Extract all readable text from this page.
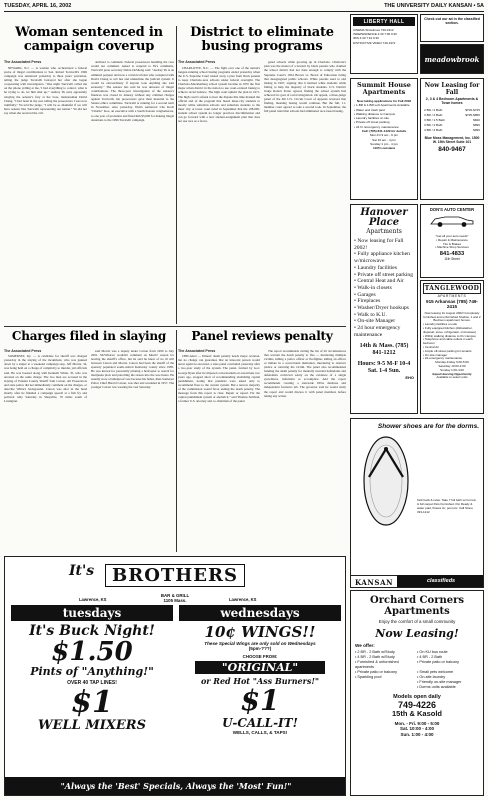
TUESDAY, APRIL 16, 2002	THE UNIVERSITY DAILY KANSAN • 5A
Woman sentenced in campaign coverup
The Associated Press

NEWARK, N.J. — A woman who orchestrated a federal probe of illegal contributions to Sen. Robert Torricelli's 1996 campaign was sentenced yesterday to three years' probation, telling the judge Torricelli betrayed her after she began cooperating with investigators. "One night Torricelli called me on the phone yelling at me, 'I had everything to control, what is he trying to do, let him shut up,'" Audrey Yu said, apparently relaying the senator's fury at her boss, businessman David Chang. "I had been in my ears telling the prosecutors I was now truthfully," Yu told the judge. "I will be so shameful if we will have senator like Torricelli representing our nation." Yu did not say when she received the call.

declined to comment. Federal prosecutors handling the case would not comment. Asked to respond to Yu's comments, Torricelli press secretary Debra DeShong said: "Audrey Yu is an admitted perjurer and now a convicted felon who conspired with David Chang to tell lies and undermine the judicial system. It would be extraordinary if anyone took anything she said seriously." The senator has said he was unaware of illegal contributions. The three-year investigation of the senator's finances was closed in January without any criminal charges against Torricelli, but prosecutors gave their material to the Senate ethics committee. Torricelli is running for a second term in November. Also yesterday, Wolin sentenced Cho Koch "Charlie" Koo, an executive with a South Korean conglomerate, to one year of probation and fined him $5,000 for making illegal donations to the 1996 Torricelli campaign.

District to eliminate busing programs
The Associated Press

CHARLOTTE, N.C. — The fight over one of the nation's longest-running school busing programs ended yesterday when the U.S. Supreme Court turned away a plea from black parents to keep Charlotte-area schools under federal oversight. The Charlotte-Mecklenburg school system became in 1970 the first major urban district in the nation to use court-ordered busing to achieve racial balance. The high court upheld the plan in 1971. The high court's refusal to hear the dispute this time marked the official end of the program that bused inner-city students to mostly white suburban schools and suburban students to the inner city. A lower court ruled in September that the 108,000-student school system no longer practices discrimination and can go forward with a new student-assignment plan that does not use race as a factor.

gated schools while growing up in Charlotte. Charlotte's plan was the model of a lawsuit by black parents who claimed the school district had not done enough to comply with the Supreme Court's 1954 Brown vs. Board of Education ruling that desegregated public schools. White parents sued to end busing in 1997, arguing that it harmed white students while failing to help the majority of black students. U.S. District Judge Robert Potter agreed, finding the school system had achieved its goal of racial integration. On appeal, a three-judge panel of the 4th U.S. Circuit Court of Appeals reversed that finding, meaning busing would continue. But the full, 11-member court agreed to take a second look. In September, the full panel ruled that schools had eliminated race-based busing.

Charges filed in slaying
The Associated Press

SOMERSET, Ky. — A candidate for sheriff was charged yesterday in the slaying of the incumbent, who was gunned down by a sniper at a weekend campaign stop. Jeff Morris, 34, was being held on a charge of complicity to murder, jail officials said. He was booked along with Kenneth White, 35, who was arrested on the same charge. The two men are accused in the slaying of Pulaski County Sheriff Sam Catron. All Prosecutors and state police did not immediately comment on the charges, or describe White's background. Catron was shot in the head shortly after he finished a campaign speech at a fish fry and political rally Saturday in Shopville, 70 miles south of Lexington.

said Morris was a deputy under Catron from 1990 to July 2001. McWhorter wouldn't comment on Morris' reason for leaving the sheriff's office, but he said he knew of no ill will between Catron and Morris. Catron had been the sheriff of the sparsely populated south-central Kentucky county since 1985. He was known for personally piloting a helicopter to search for marijuana plots and patrolling the streets into the wee hours. He usually wore a bulletproof vest because his father, then-Somerset Police Chief Harold Catron, was shot and wounded in 1957. The younger Catron was wearing the vest Saturday.

Panel reviews penalty
The Associated Press

CHICAGO — Illinois' death penalty needs major revision, but no change can guarantee that an innocent person would never again be executed, a state panel concluded yesterday after a two-year study of the system. The panel, formed by Gov. George Ryan after he imposed a moratorium on executions two years ago, stopped short of recommending abolishing capital punishment, noting that panelists were asked only to recommend fixes to the current system. But a narrow majority of the commission would favor ending the death penalty. The message from this report is clear. Repair or repeal. Fix the capital punishment system or abolish it," said Thomas Sullivan, a former U.S. attorney and co-chairman of the panel.

The report recommends cutting the list of 20 circumstances that warrant the death penalty to five — murdering multiple victims, killing a police officer or firefighter, killing an officer or inmate in a correctional institution, murdering to obstruct justice or torturing the victim. The panel also recommended banning the death penalty for mentally retarded defendants and defendants convicted solely on the evidence of a single eyewitness, informant or accomplice. And the report recommends creating a statewide DNA database and independent forensics lab. The governor said he would study the report and would discuss it with panel members before taking any action.

LIBERTY HALL
CINEMA Showtimes 749-1912
INDEPENDENCE 4:30 7:00 9:30
IRIS 4:40 7:10 9:30
DISTINCTIVE VIDEO 749-1972
Check out our ad in the classified section.
meadowbrook
Summit House Apartments
Now taking applications for Fall 2002
• 1-BR & 1-BR Loft Apartments Available
• Water and trash paid
• Walking distance to Campus
• Laundry facilities on site
• Private off street parking
• 24 hr. Emergency maintenance
Call: (785) 841-1429 for details
Mon-Fri 9 am - 6 pm
Sat 10 am - 4 pm
Sunday 1 pm - 4 pm
1105 Louisiana
Now Leasing for Fall
2, 3 & 4 Bedroom Apartments & Town homes
2 BR / 2 Bath	$700-$725
3 BR / 2 Bath	$795-$850
3 BR / 1.5 Bath	$820
3 BR / 2 Bath	$890
4 BR / 2 Bath	$990
Blue Moss Management, Inc. 1500 W. 15th Street Suite 101
840-9467
Hanover Place
Apartments
• Now leasing for Fall 2002!
• Fully appliance kitchen w/microwave
• Laundry facilities
• Private off street parking
• Central Heat and Air
• Walk-in closets
• Garages
• Fireplaces
• Washer/Dryer hookups
• Walk to K.U.
• On-site Manager
• 24 hour emergency maintenance
14th & Mass. (785) 841-1212
Hours: 9-5 M-F 10-4 Sat. 1-4 Sun.
EHO
DON'S AUTO CENTER
"Get all your auto needs"
• Repair & Maintenance
Tire & Brakes
• Machine Shop Services
841-4833
11th Street
TANGLEWOOD
APARTMENTS
915 Arkansas (785) 749-2415
Now leasing for August 2002! Completely furnished and unfurnished Studios, 1 and 2 Bedroom apartment homes.
• Laundry facilities on-site
• Fully equipped kitchen (dishwasher, disposal, stove, refrigerator, microwave)
• Within walking distance to KU campus
• Telephone and cable outlets in each bedroom
• Central Air
• Ample off-street parking for tenants
• On-site manager
• 24-emergency maintenance
Monday-Friday 9:00-5:00
Saturday 10:00-4:00
Sunday 1:00-4:00
Equal Housing Opportunity
Available to select units
Shower shoes are for the dorms.
Kick back & relax. Take 7 full bath w/ hot tub, & full carpet Pets Furnished. Pet Ready & water paid, fitness ctr, pool etc. Call Stone 333-1212
KANSAN	classifieds
Orchard Corners Apartments
Enjoy the comfort of a small community
Now Leasing!
We offer:
• 2 BR - 2 Bath w/Study	• On KU bus route
• 4 BR - 2 Bath w/Study	• 4 BR - 2 Bath
• Furnished & unfurnished apartments
• Private patio or balcony
• Private patio or balcony	• Small pets welcome
• Sparkling pool	• On-site laundry
• Friendly on-site manager
• Dorms units available
Models open daily
749-4226
15th & Kasold
Mon. - Fri. 9:00 - 5:00
Sat. 10:00 - 4:00
Sun. 1:00 - 4:00
It's BROTHERS
BAR & GRILL
1105 Mass.
Lawrence, KS	Lawrence, KS
tuesdays	wednesdays
It's Buck Night!
$1.50
Pints of "Anything!"
OVER 40 TAP LINES!
$1
WELL MIXERS
10¢ WINGS!!
These Special Wings are only sold on Wednesdays
(5pm-???)
CHOOSE FROM:
"ORIGINAL"
or Red Hot "Ass Burners!"
$1
U-CALL-IT!
WELLS, CALLS, & TAPS!
"Always the 'Best' Specials, Always the 'Most' Fun!"
